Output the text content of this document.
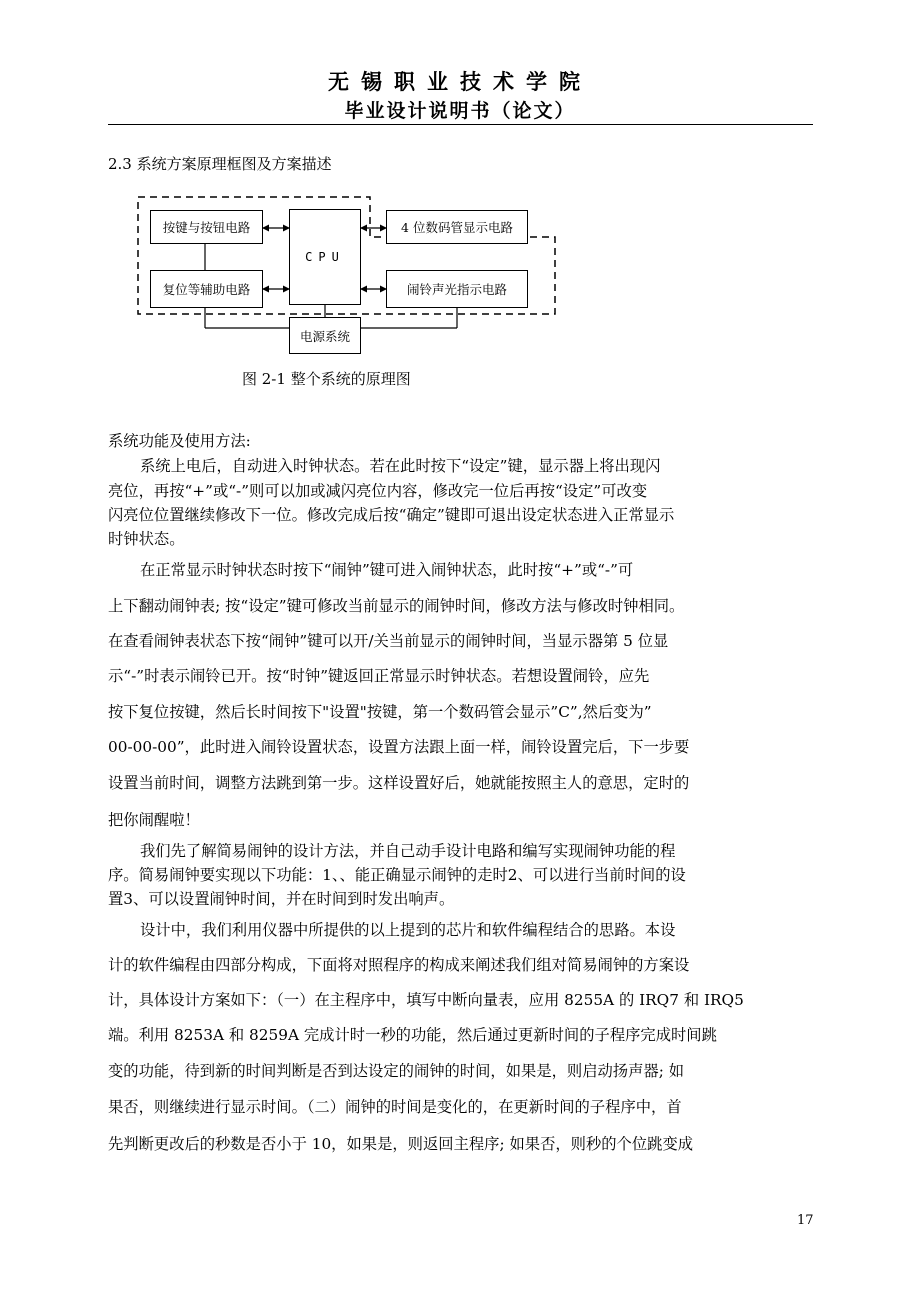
无锡职业技术学院
毕业设计说明书（论文）
2.3 系统方案原理框图及方案描述
按键与按钮电路
复位等辅助电路
CPU
4 位数码管显示电路
闹铃声光指示电路
电源系统
图 2-1 整个系统的原理图
系统功能及使用方法:
系统上电后，自动进入时钟状态。若在此时按下“设定”键，显示器上将出现闪
亮位，再按“+”或“-”则可以加或减闪亮位内容，修改完一位后再按“设定”可改变
闪亮位位置继续修改下一位。修改完成后按“确定”键即可退出设定状态进入正常显示
时钟状态。
在正常显示时钟状态时按下“闹钟”键可进入闹钟状态，此时按“+”或“-”可
上下翻动闹钟表; 按“设定”键可修改当前显示的闹钟时间，修改方法与修改时钟相同。
在查看闹钟表状态下按“闹钟”键可以开/关当前显示的闹钟时间，当显示器第 5 位显
示“-”时表示闹铃已开。按“时钟”键返回正常显示时钟状态。若想设置闹铃，应先
按下复位按键，然后长时间按下"设置"按键，第一个数码管会显示”C”,然后变为”
00-00-00”，此时进入闹铃设置状态，设置方法跟上面一样，闹铃设置完后，下一步要
设置当前时间，调整方法跳到第一步。这样设置好后，她就能按照主人的意思，定时的
把你闹醒啦！
我们先了解简易闹钟的设计方法，并自己动手设计电路和编写实现闹钟功能的程
序。简易闹钟要实现以下功能：1、、能正确显示闹钟的走时2、可以进行当前时间的设
置3、可以设置闹钟时间，并在时间到时发出响声。
设计中，我们利用仪器中所提供的以上提到的芯片和软件编程结合的思路。本设
计的软件编程由四部分构成，下面将对照程序的构成来阐述我们组对简易闹钟的方案设
计，具体设计方案如下：（一）在主程序中，填写中断向量表，应用 8255A 的 IRQ7 和 IRQ5
端。利用 8253A 和 8259A 完成计时一秒的功能，然后通过更新时间的子程序完成时间跳
变的功能，待到新的时间判断是否到达设定的闹钟的时间，如果是，则启动扬声器; 如
果否，则继续进行显示时间。（二）闹钟的时间是变化的，在更新时间的子程序中，首
先判断更改后的秒数是否小于 10，如果是，则返回主程序; 如果否，则秒的个位跳变成
17
